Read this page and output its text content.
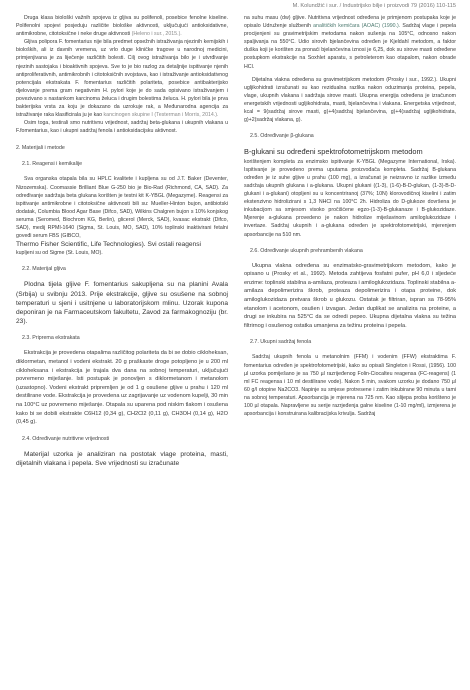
M. Kolundžić i sur. / Industrijsko bilje i proizvodi 79 (2016) 110-115

Druga klasa biološki važnih spojeva iz gljiva su polifenoli, posebice fenolne kiseline. Polifenolni spojevi posjeduju različite biološke aktivnosti, uključujući antioksidativne, antimikrobne, citotoksične i neke druge aktivnosti (Heleno i sur., 2015.).

Gljiva poliporа F. fomentarius nije bila predmet opsežnih istraživanja njezinih kemijskih i bioloških, ali iz davnih vremena, uz vrlo duge kliničke tragove u narodnoj medicini, primjenjivana je za liječenje različitih bolesti. Cilj ovog istraživanja bilo je i utvrđivanje njezinih sastojaka i bioaktivnih spojeva. Sve to je bio razlog za detaljnije ispitivanje njenih antiproliferativnih, antimikrobnih i citotoksičnih svojstava, kao i istraživanje antioksidativnog potencijala ekstrakata F. fomentarius različitih polariteta, posebice antibakterijsko djelovanje prema gram negativnim H. pylori koje je do sada opisivano istraživanjem i povezivano s nastankom karcinoma želuca i drugim bolestima želuca. H. pylori bila je prva bakterijska vrsta za koju je dokazano da uzrokuje rak, a Međunarodna agencija za istraživanje raka klasificirala ju je kao kancinogen skupine I (Testerman i Morris, 2014.).

Osim toga, testirali smo nutritivnu vrijednost, sadržaj beta-glukana i ukupnih vlakana u F.fomentarius, kao i ukupni sadržaj fenola i antioksidacijsku aktivnost.

2. Materijali i metode
2.1. Reagensi i kemikalije

Sva organska otapala bila su HPLC kvalitete i kupljena su od J.T. Baker (Deventer, Nizozemska). Coomassie Brilliant Blue G-250 bio je Bio-Rad (Richmond, CA, SAD). Za određivanje sadržaja beta glukana korišten je testni kit K-YBGL (Megazyme). Reagensi za ispitivanje antimikrobne i citotoksične aktivnosti bili su: Mueller-Hinton bujon, antibiotski dodatak, Columbia Blood Agar Base (Difco, SAD), Wilkins Chalgren bujon s 10% konjskog seruma (Seromed, Biochrom KG, Berlin), glicerol (Merck, SAD), kvasac ekstrakt (Difco, SAD), medij RPMI-1640 (Sigma, St. Louis, MO, SAD), 10% toplinski inaktivirani fetalni goveđi serum FBS (GIBCO,
Thermo Fisher Scientific, Life Technologies). Svi ostali reagensi
kupljeni su od Sigme (St. Louis, MO).

2.2. Materijal gljiva

Plodna tijela gljive F. fomentarius sakupljena su na planini Avala (Srbija) u svibnju 2013. Prije ekstrakcije, gljive su osušene na sobnoj temperaturi u sjeni i usitnjene u laboratorijskom mlinu. Uzorak kupona deponiran je na Farmaceutskom fakultetu, Zavod za farmakognoziju (br. 23).

2.3. Priprema ekstrakata

Ekstrakcija je provedena otapalima različitog polariteta da bi se dobio cikloheksan, diklormetan, metanol i vodeni ekstrakt. 20 g praškaste droge potopljeno je u 200 ml cikloheksana i ekstrakcija je trajala dva dana na sobnoj temperaturi, uključujući povremeno miješanje. Isti postupak je ponovljen s diklormetanom i metanolom (uzastopno). Vodeni ekstrakt pripremljen je od 1 g osušene gljive u prahu i 120 ml destilirane vode. Ekstrakcija je provedena uz zagrijavanje uz vodenom kupelji, 30 min na 100°C uz povremeno miješanje. Otapala su uparena pod niskim tlakom i osušena kako bi se dobili ekstrakte C6H12 (0,34 g), CH2Cl2 (0,11 g), CH3OH (0,14 g), H2O (0,45 g).

2.4. Određivanje nutritivne vrijednosti

Materijal uzorka je analiziran na postotak vlage proteina, masti, dijetalnih vlakana i pepela. Sve vrijednosti su izračunate

na suhu masu (dw) gljive. Nutritivna vrijednost određena je primjenom postupaka koje je opisalo Udruženje službenih analitičkih kemičara (AOAC) (1990.). Sadržaj vlage i pepela procijenjeni su gravimetrijskim metodama nakon sušenja na 105°C, odnosno nakon spaljivanja na 550°C. Udio sirovih bjelančevina određen je Kjeldahl metodom, a faktor duška koji je korišten za pronaći bjelančevina iznosi je 6,25, dok su sirove masti određene postupkom ekstrakcije na Soxhlet aparatu, s petroleterom kao otapalom, nakon obrade HCl.

Dijetalna vlakna određena su gravimetrijskom metodom (Prosky i sur., 1992.). Ukupni ugljikohidrati izračunati su kao rezidualna razlika nakon oduzimanja proteina, pepela, vlage, ukupnih vlakana i sadržaja sirove masti. Ukupna energija određena je izračunom energetskih vrijednosti ugljikohidrata, masti, bjelančevina i vlakana. Energetska vrijednost, kcal = 9(sadržaj sirove masti, g)+4(sadržaj bjelančevina, g)+4(sadržaj ugljikohidrata, g)+2(sadržaj vlakana, g).

2.5. Određivanje β-glukana

B-glukani su određeni spektrofotometrijskom metodom

korištenjem kompleta za enzimsko ispitivanje K-YBGL (Megazyme International, Irska). Ispitivanje je provedeno prema uputama proizvođača kompleta. Sadržaj B-glukana određen je iz suhe gljive u prahu (100 mg), a izračunat je neizravno iz razlike između sadržaja ukupnih glukana i a-glukana. Ukupni glukani ((1-3), (1-6)-B-D-glukan, (1-3)-B-D-glukani i a-glukani) otopljeni su u koncentriranoj (37%; 10N) klorovodičnoj kiselini i zatim ekstenzivno hidrolizirani s 1,3 NHCl na 100°C 2h. Hidroliza do D-glukoze dovršena je inkubacijom sa smjesom visoko pročišćene egzo-(1-3)-B-glukanaze i B-glukozidaze. Mjerenje a-glukana provedeno je nakon hidrolize miješavinom amiloglukozidaze i invertaze. Sadržaj ukupnih i a-glukana određen je spektrofotometrijski, mjerenjem apsorbancije na 510 nm.

2.6. Određivanje ukupnih prehrambenih vlakana

Ukupna vlakna određena su enzimatsko-gravimetrijskom metodom, kako je opisano u (Prosky et al., 1992). Metoda zahtijeva fosfatni pufer, pH 6,0 i sljedeće enzime: toplinski stabilna a-amilaza, proteaza i amiloglukozidaza. Toplinski stabilna a-amilaza depolimerizira škrob, proteaza depolimerizira i otapa proteine, dok amiloglukozidaza pretvara škrob u glukozu. Ostatak je filtriran, ispran sa 78-95% etanolom i acetonom, osušen i izvagan. Jedan duplikat se analizira na proteine, a drugi se inkubira na 525°C da se odredi pepeo. Ukupna dijetalna vlakna su težina filtrirnog i osušenog ostatka umanjena za težinu proteina i pepela.

2.7. Ukupni sadržaj fenola

Sadržaj ukupnih fenola u metanolnim (FFM) i vodenim (FFW) ekstraktima F. fomentarius određen je spektrofotometrijski, kako su opisali Singleton i Rossi, (1956). 100 µl uzorka pomiješano je sa 750 µl razrijeđenog Folin-Ciocalteu reagensa (FC-reagens) (1 ml FC reagensa i 10 ml destilirane vode). Nakon 5 min, svakom uzorku je dodano 750 µl 60 g/l otopine Na2CO3. Napinje su smjese protresene i zatim inkubirane 90 minuta u tami na sobnoj temperaturi. Apsorbancija je mjerena na 725 nm. Kao slijepa proba korišteno je 100 µl otapala. Napravljene su serije razrjeđenja galne kiseline (1-10 mg/ml), izmjerena je apsorbancija i konstruirana kalibracijska krivulja. Sadržaj
